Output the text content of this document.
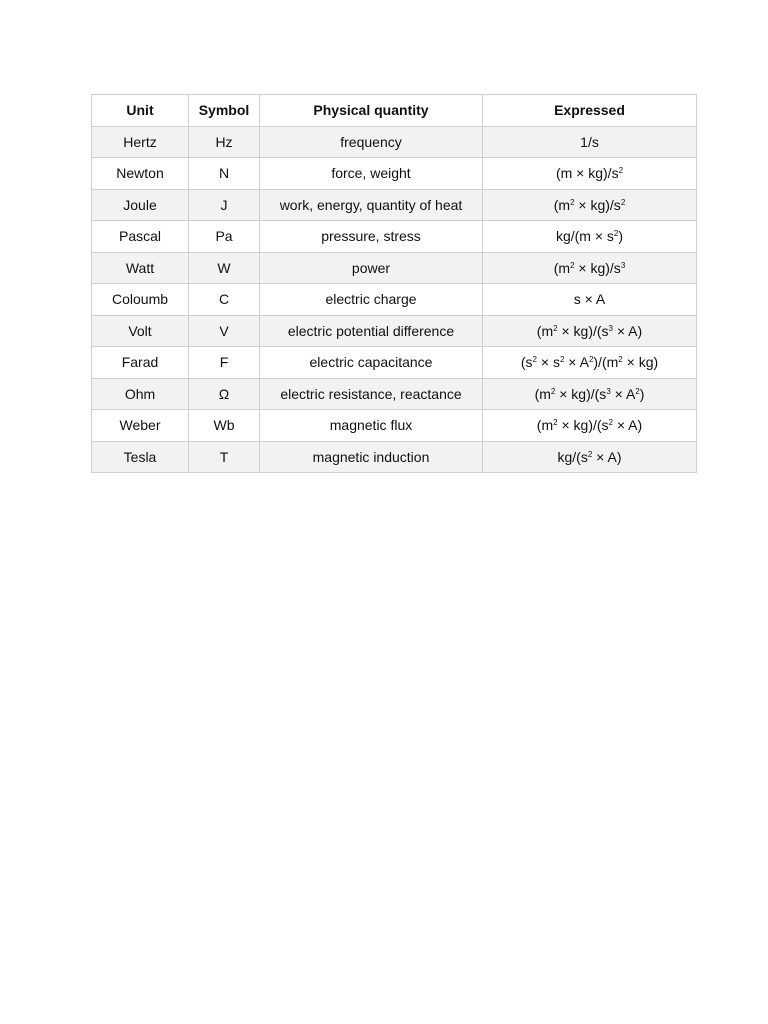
Unit	Symbol	Physical quantity	Expressed
Hertz	Hz	frequency	1/s
Newton	N	force, weight	$(m \times kg)/s^2$
Joule	J	work, energy, quantity of heat	$(m^2 \times kg)/s^2$
Pascal	Pa	pressure, stress	$kg/(m \times s^2)$
Watt	W	power	$(m^2 \times kg)/s^3$
Coloumb	C	electric charge	s × A
Volt	V	electric potential difference	$(m^2 \times kg)/(s^3 \times A)$
Farad	F	electric capacitance	$(s^2 \times s^2 \times A^2)/(m^2 \times kg)$
Ohm	Ω	electric resistance, reactance	$(m^2 \times kg)/(s^3 \times A^2)$
Weber	Wb	magnetic flux	$(m^2 \times kg)/(s^2 \times A)$
Tesla	T	magnetic induction	$kg/(s^2 \times A)$
